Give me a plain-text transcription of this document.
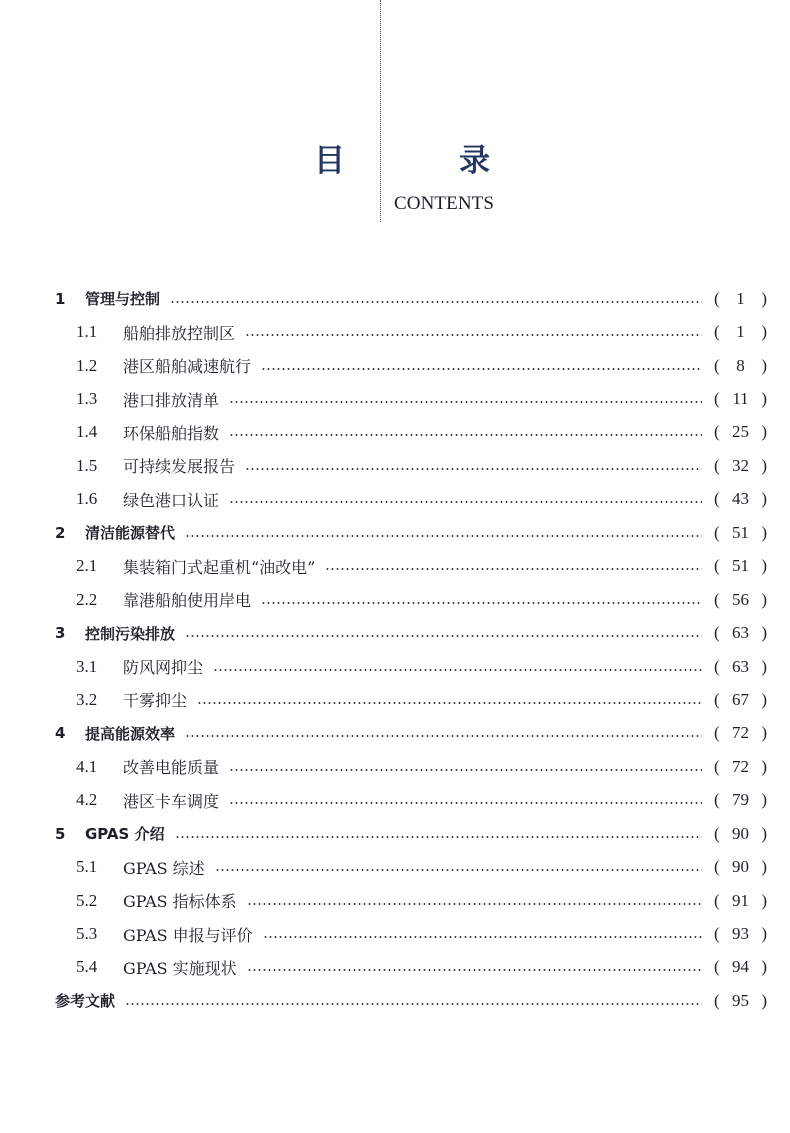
目	录
CONTENTS
1	管理与控制	( 1 )
1.1	船舶排放控制区	( 1 )
1.2	港区船舶减速航行	( 8 )
1.3	港口排放清单	( 11 )
1.4	环保船舶指数	( 25 )
1.5	可持续发展报告	( 32 )
1.6	绿色港口认证	( 43 )
2	清洁能源替代	( 51 )
2.1	集装箱门式起重机“油改电”	( 51 )
2.2	靠港船舶使用岸电	( 56 )
3	控制污染排放	( 63 )
3.1	防风网抑尘	( 63 )
3.2	干雾抑尘	( 67 )
4	提高能源效率	( 72 )
4.1	改善电能质量	( 72 )
4.2	港区卡车调度	( 79 )
5	GPAS 介绍	( 90 )
5.1	GPAS 综述	( 90 )
5.2	GPAS 指标体系	( 91 )
5.3	GPAS 申报与评价	( 93 )
5.4	GPAS 实施现状	( 94 )
参考文献	( 95 )
